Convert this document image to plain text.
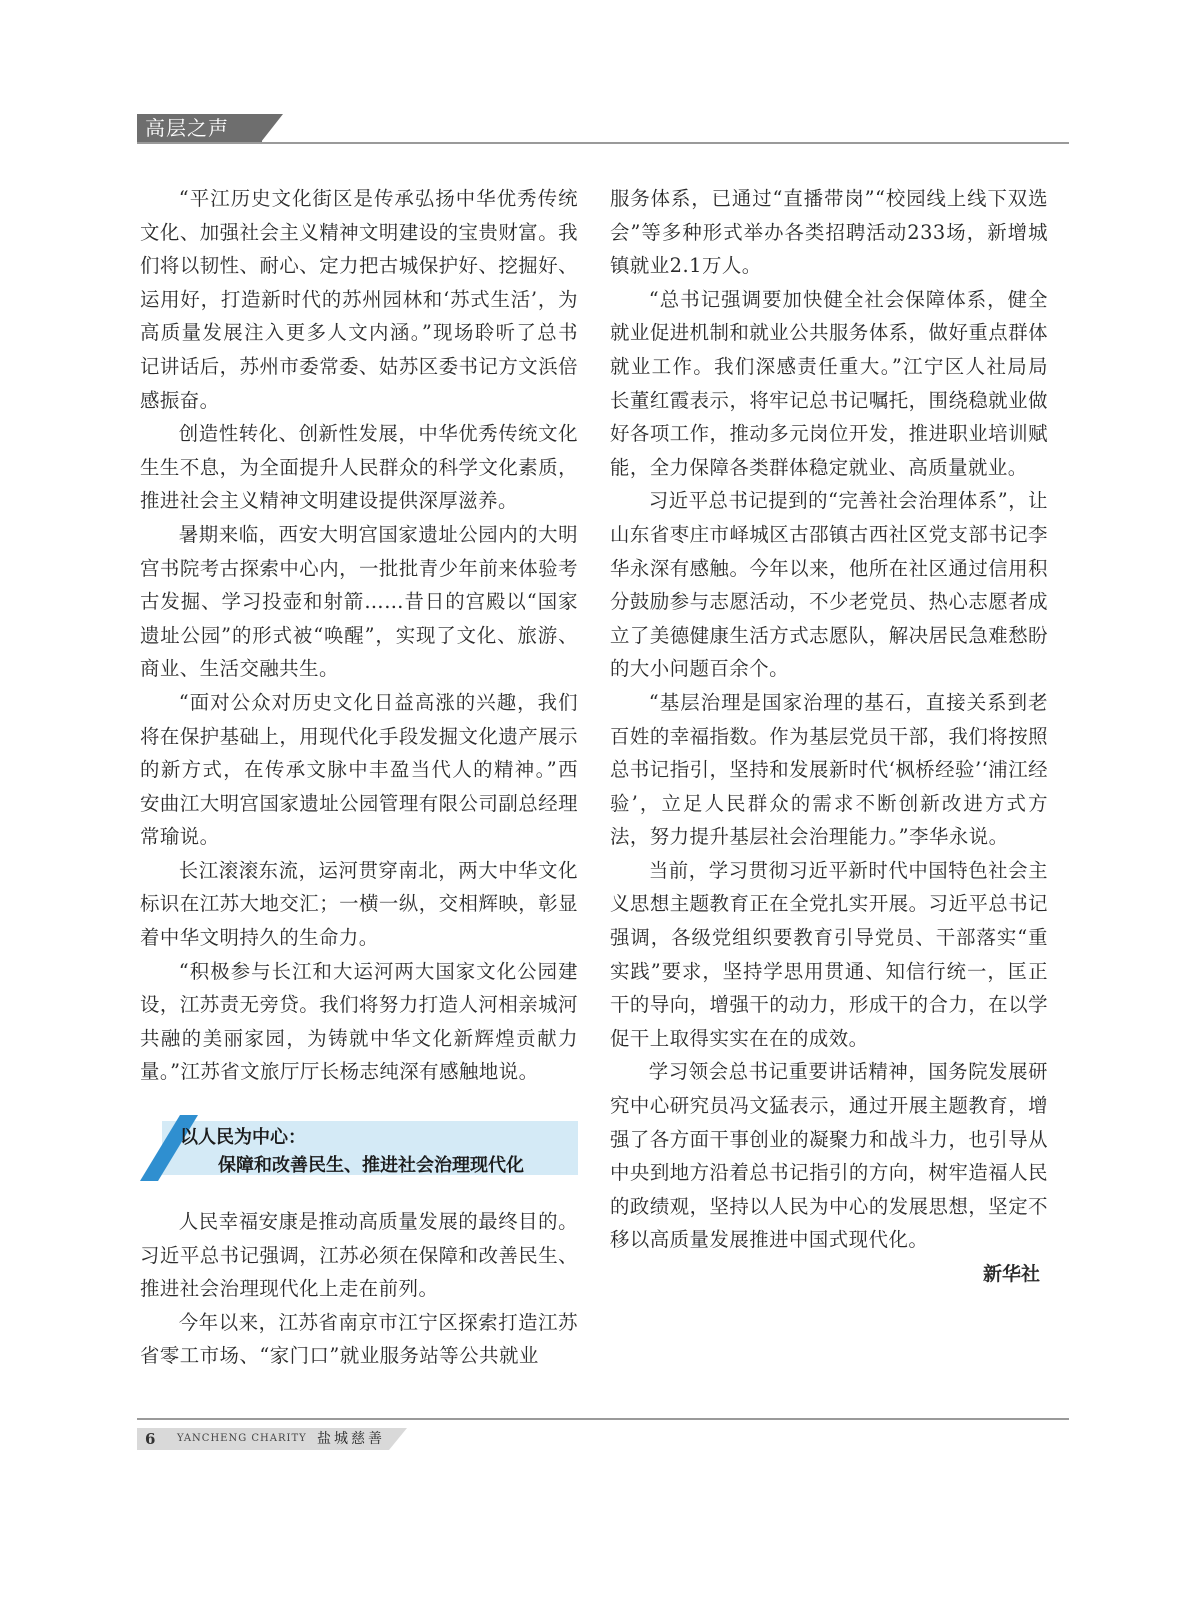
高层之声

“平江历史文化街区是传承弘扬中华优秀传统文化、加强社会主义精神文明建设的宝贵财富。我们将以韧性、耐心、定力把古城保护好、挖掘好、运用好，打造新时代的苏州园林和‘苏式生活’，为高质量发展注入更多人文内涵。”现场聆听了总书记讲话后，苏州市委常委、姑苏区委书记方文浜倍感振奋。

创造性转化、创新性发展，中华优秀传统文化生生不息，为全面提升人民群众的科学文化素质，推进社会主义精神文明建设提供深厚滋养。

暑期来临，西安大明宫国家遗址公园内的大明宫书院考古探索中心内，一批批青少年前来体验考古发掘、学习投壶和射箭……昔日的宫殿以“国家遗址公园”的形式被“唤醒”，实现了文化、旅游、商业、生活交融共生。

“面对公众对历史文化日益高涨的兴趣，我们将在保护基础上，用现代化手段发掘文化遗产展示的新方式，在传承文脉中丰盈当代人的精神。”西安曲江大明宫国家遗址公园管理有限公司副总经理常瑜说。

长江滚滚东流，运河贯穿南北，两大中华文化标识在江苏大地交汇；一横一纵，交相辉映，彰显着中华文明持久的生命力。

“积极参与长江和大运河两大国家文化公园建设，江苏责无旁贷。我们将努力打造人河相亲城河共融的美丽家园，为铸就中华文化新辉煌贡献力量。”江苏省文旅厅厅长杨志纯深有感触地说。

以人民为中心：
保障和改善民生、推进社会治理现代化

人民幸福安康是推动高质量发展的最终目的。习近平总书记强调，江苏必须在保障和改善民生、推进社会治理现代化上走在前列。

今年以来，江苏省南京市江宁区探索打造江苏省零工市场、“家门口”就业服务站等公共就业

服务体系，已通过“直播带岗”“校园线上线下双选会”等多种形式举办各类招聘活动233场，新增城镇就业2.1万人。

“总书记强调要加快健全社会保障体系，健全就业促进机制和就业公共服务体系，做好重点群体就业工作。我们深感责任重大。”江宁区人社局局长董红霞表示，将牢记总书记嘱托，围绕稳就业做好各项工作，推动多元岗位开发，推进职业培训赋能，全力保障各类群体稳定就业、高质量就业。

习近平总书记提到的“完善社会治理体系”，让山东省枣庄市峄城区古邵镇古西社区党支部书记李华永深有感触。今年以来，他所在社区通过信用积分鼓励参与志愿活动，不少老党员、热心志愿者成立了美德健康生活方式志愿队，解决居民急难愁盼的大小问题百余个。

“基层治理是国家治理的基石，直接关系到老百姓的幸福指数。作为基层党员干部，我们将按照总书记指引，坚持和发展新时代‘枫桥经验’‘浦江经验’，立足人民群众的需求不断创新改进方式方法，努力提升基层社会治理能力。”李华永说。

当前，学习贯彻习近平新时代中国特色社会主义思想主题教育正在全党扎实开展。习近平总书记强调，各级党组织要教育引导党员、干部落实“重实践”要求，坚持学思用贯通、知信行统一，匡正干的导向，增强干的动力，形成干的合力，在以学促干上取得实实在在的成效。

学习领会总书记重要讲话精神，国务院发展研究中心研究员冯文猛表示，通过开展主题教育，增强了各方面干事创业的凝聚力和战斗力，也引导从中央到地方沿着总书记指引的方向，树牢造福人民的政绩观，坚持以人民为中心的发展思想，坚定不移以高质量发展推进中国式现代化。

新华社
6 YANCHENG CHARITY 盐城慈善
